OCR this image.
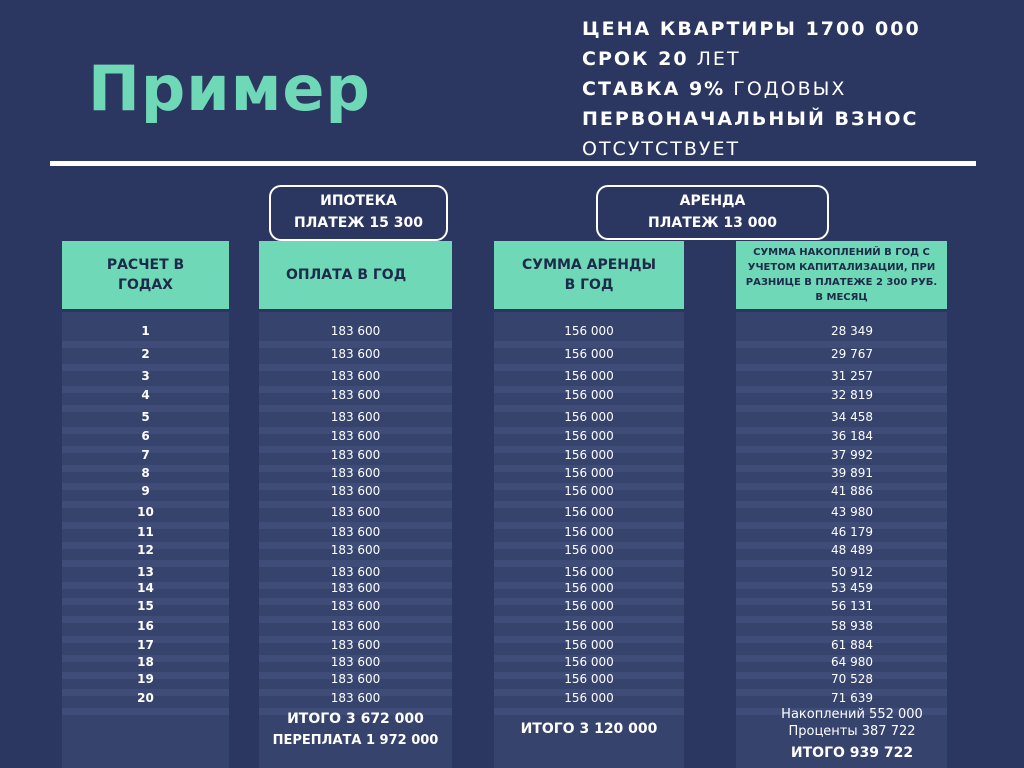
Пример
ЦЕНА КВАРТИРЫ 1700 000
СРОК 20 ЛЕТ
СТАВКА 9% ГОДОВЫХ
ПЕРВОНАЧАЛЬНЫЙ ВЗНОС
ОТСУТСТВУЕТ
ИПОТЕКА
ПЛАТЕЖ 15 300
АРЕНДА
ПЛАТЕЖ 13 000
РАСЧЕТ В ГОДАХ
ОПЛАТА В ГОД
СУММА АРЕНДЫ В ГОД
СУММА НАКОПЛЕНИЙ В ГОД С УЧЕТОМ КАПИТАЛИЗАЦИИ, ПРИ РАЗНИЦЕ В ПЛАТЕЖЕ 2 300 РУБ. В МЕСЯЦ
1	183 600	156 000	28 349
2	183 600	156 000	29 767
3	183 600	156 000	31 257
4	183 600	156 000	32 819
5	183 600	156 000	34 458
6	183 600	156 000	36 184
7	183 600	156 000	37 992
8	183 600	156 000	39 891
9	183 600	156 000	41 886
10	183 600	156 000	43 980
11	183 600	156 000	46 179
12	183 600	156 000	48 489
13	183 600	156 000	50 912
14	183 600	156 000	53 459
15	183 600	156 000	56 131
16	183 600	156 000	58 938
17	183 600	156 000	61 884
18	183 600	156 000	64 980
19	183 600	156 000	70 528
20	183 600	156 000	71 639
ИТОГО 3 672 000
ПЕРЕПЛАТА 1 972 000
ИТОГО 3 120 000
Накоплений 552 000
Проценты 387 722
ИТОГО 939 722
